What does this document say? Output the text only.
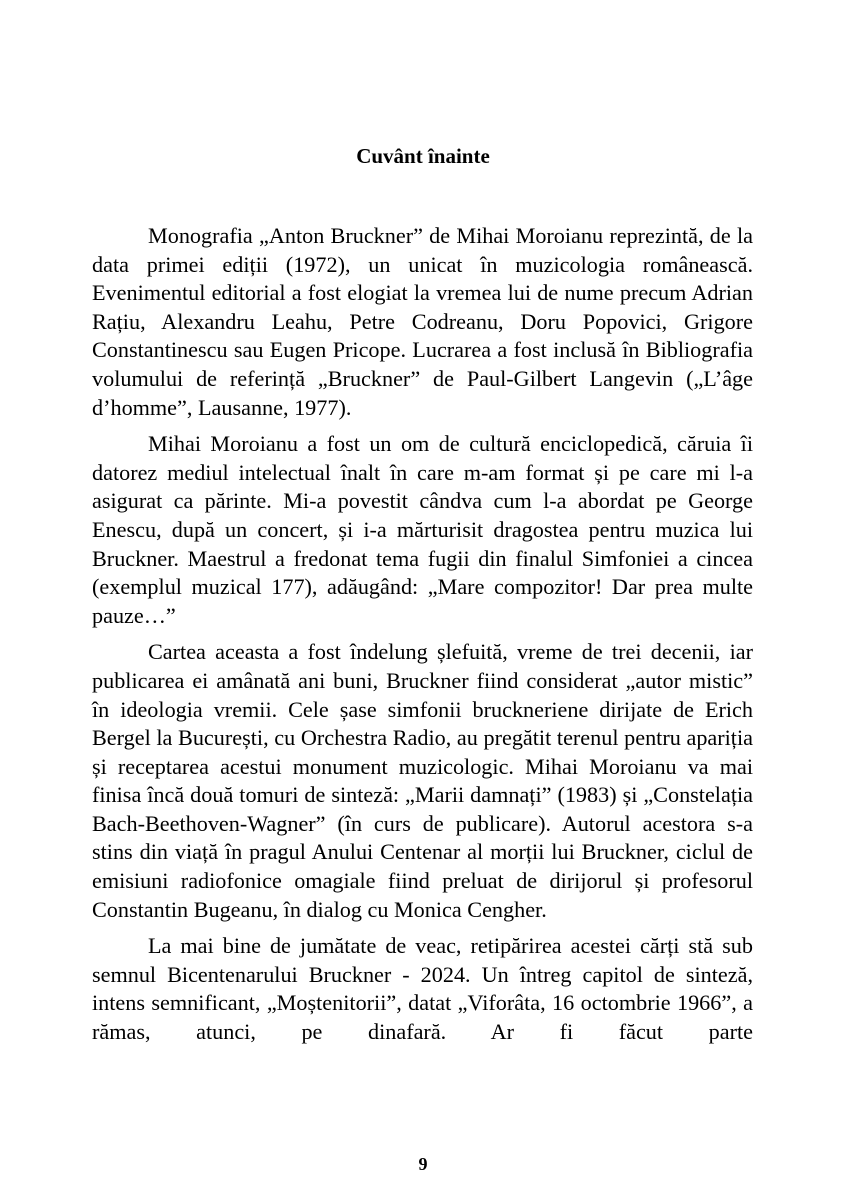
Cuvânt înainte

Monografia „Anton Bruckner” de Mihai Moroianu reprezintă, de la data primei ediții (1972), un unicat în muzicologia românească. Evenimentul editorial a fost elogiat la vremea lui de nume precum Adrian Rațiu, Alexandru Leahu, Petre Codreanu, Doru Popovici, Grigore Constantinescu sau Eugen Pricope. Lucrarea a fost inclusă în Bibliografia volumului de referință „Bruckner” de Paul-Gilbert Langevin („L’âge d’homme”, Lausanne, 1977).

Mihai Moroianu a fost un om de cultură enciclopedică, căruia îi datorez mediul intelectual înalt în care m-am format și pe care mi l-a asigurat ca părinte. Mi-a povestit cândva cum l-a abordat pe George Enescu, după un concert, și i-a mărturisit dragostea pentru muzica lui Bruckner. Maestrul a fredonat tema fugii din finalul Simfoniei a cincea (exemplul muzical 177), adăugând: „Mare compozitor! Dar prea multe pauze…”

Cartea aceasta a fost îndelung șlefuită, vreme de trei decenii, iar publicarea ei amânată ani buni, Bruckner fiind considerat „autor mistic” în ideologia vremii. Cele șase simfonii brucknerienе dirijate de Erich Bergel la București, cu Orchestra Radio, au pregătit terenul pentru apariția și receptarea acestui monument muzicologic. Mihai Moroianu va mai finisa încă două tomuri de sinteză: „Marii damnați” (1983) și „Constelația Bach-Beethoven-Wagner” (în curs de publicare). Autorul acestora s-a stins din viață în pragul Anului Centenar al morții lui Bruckner, ciclul de emisiuni radiofonice omagiale fiind preluat de dirijorul și profesorul Constantin Bugeanu, în dialog cu Monica Cengher.

La mai bine de jumătate de veac, retipărirea acestei cărți stă sub semnul Bicentenarului Bruckner - 2024. Un întreg capitol de sinteză, intens semnificant, „Moștenitorii”, datat „Viforâta, 16 octombrie 1966”, a rămas, atunci, pe dinafară. Ar fi făcut parte

9
